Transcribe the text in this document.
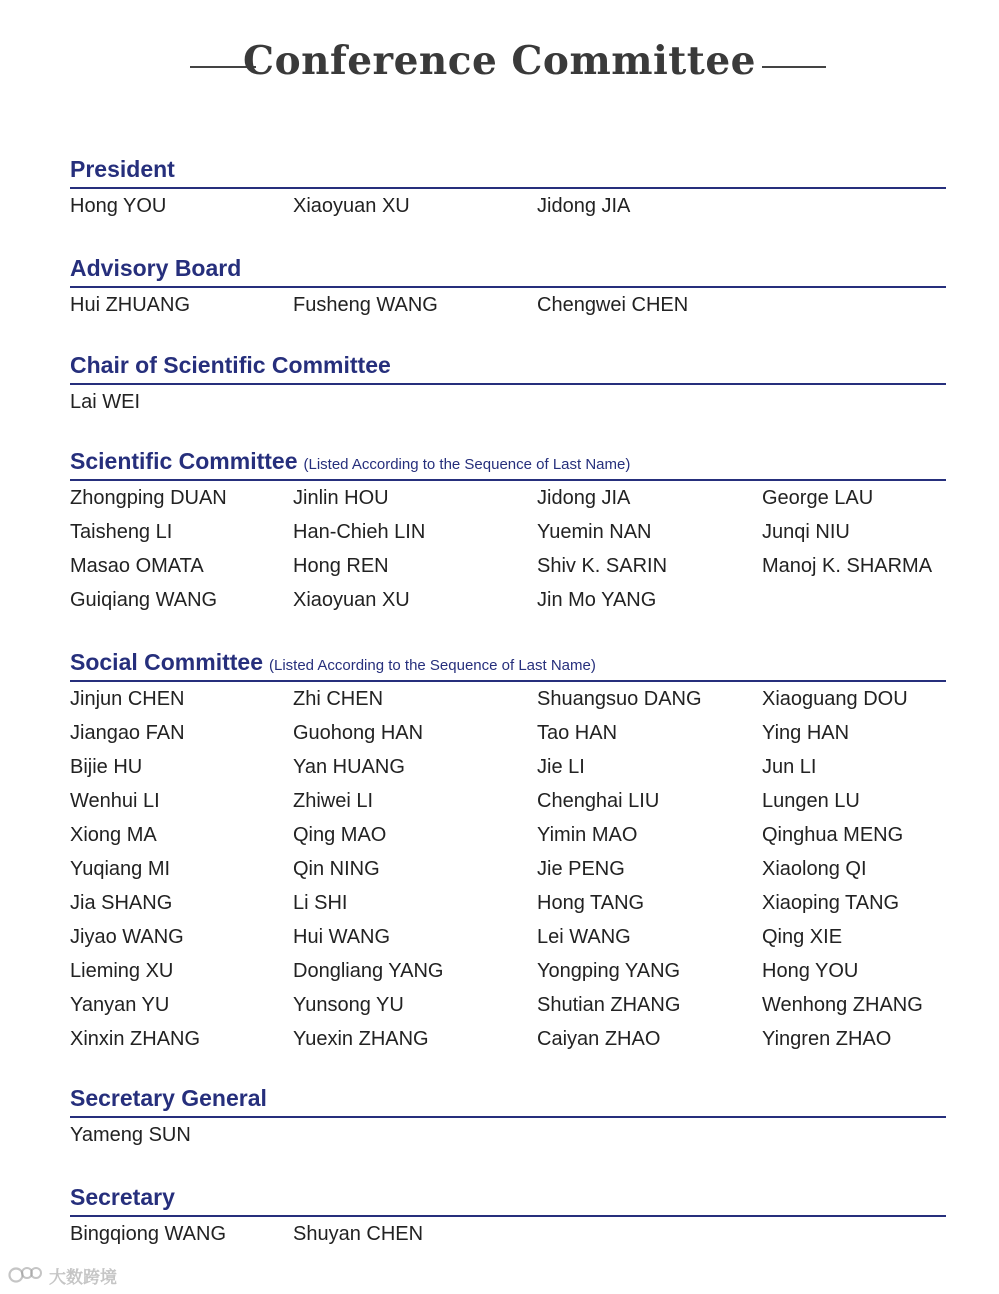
Conference Committee
President
Hong YOU	Xiaoyuan XU	Jidong JIA
Advisory Board
Hui ZHUANG	Fusheng WANG	Chengwei CHEN
Chair of Scientific Committee
Lai WEI
Scientific Committee (Listed According to the Sequence of Last Name)
Zhongping DUAN	Jinlin HOU	Jidong JIA	George LAU
Taisheng LI	Han-Chieh LIN	Yuemin NAN	Junqi NIU
Masao OMATA	Hong REN	Shiv K. SARIN	Manoj K. SHARMA
Guiqiang WANG	Xiaoyuan XU	Jin Mo YANG
Social Committee (Listed According to the Sequence of Last Name)
Jinjun CHEN	Zhi CHEN	Shuangsuo DANG	Xiaoguang DOU
Jiangao FAN	Guohong HAN	Tao HAN	Ying HAN
Bijie HU	Yan HUANG	Jie LI	Jun LI
Wenhui LI	Zhiwei LI	Chenghai LIU	Lungen LU
Xiong MA	Qing MAO	Yimin MAO	Qinghua MENG
Yuqiang MI	Qin NING	Jie PENG	Xiaolong QI
Jia SHANG	Li SHI	Hong TANG	Xiaoping TANG
Jiyao WANG	Hui WANG	Lei WANG	Qing XIE
Lieming XU	Dongliang YANG	Yongping YANG	Hong YOU
Yanyan YU	Yunsong YU	Shutian ZHANG	Wenhong ZHANG
Xinxin ZHANG	Yuexin ZHANG	Caiyan ZHAO	Yingren ZHAO
Secretary General
Yameng SUN
Secretary
Bingqiong WANG	Shuyan CHEN
大数跨境
